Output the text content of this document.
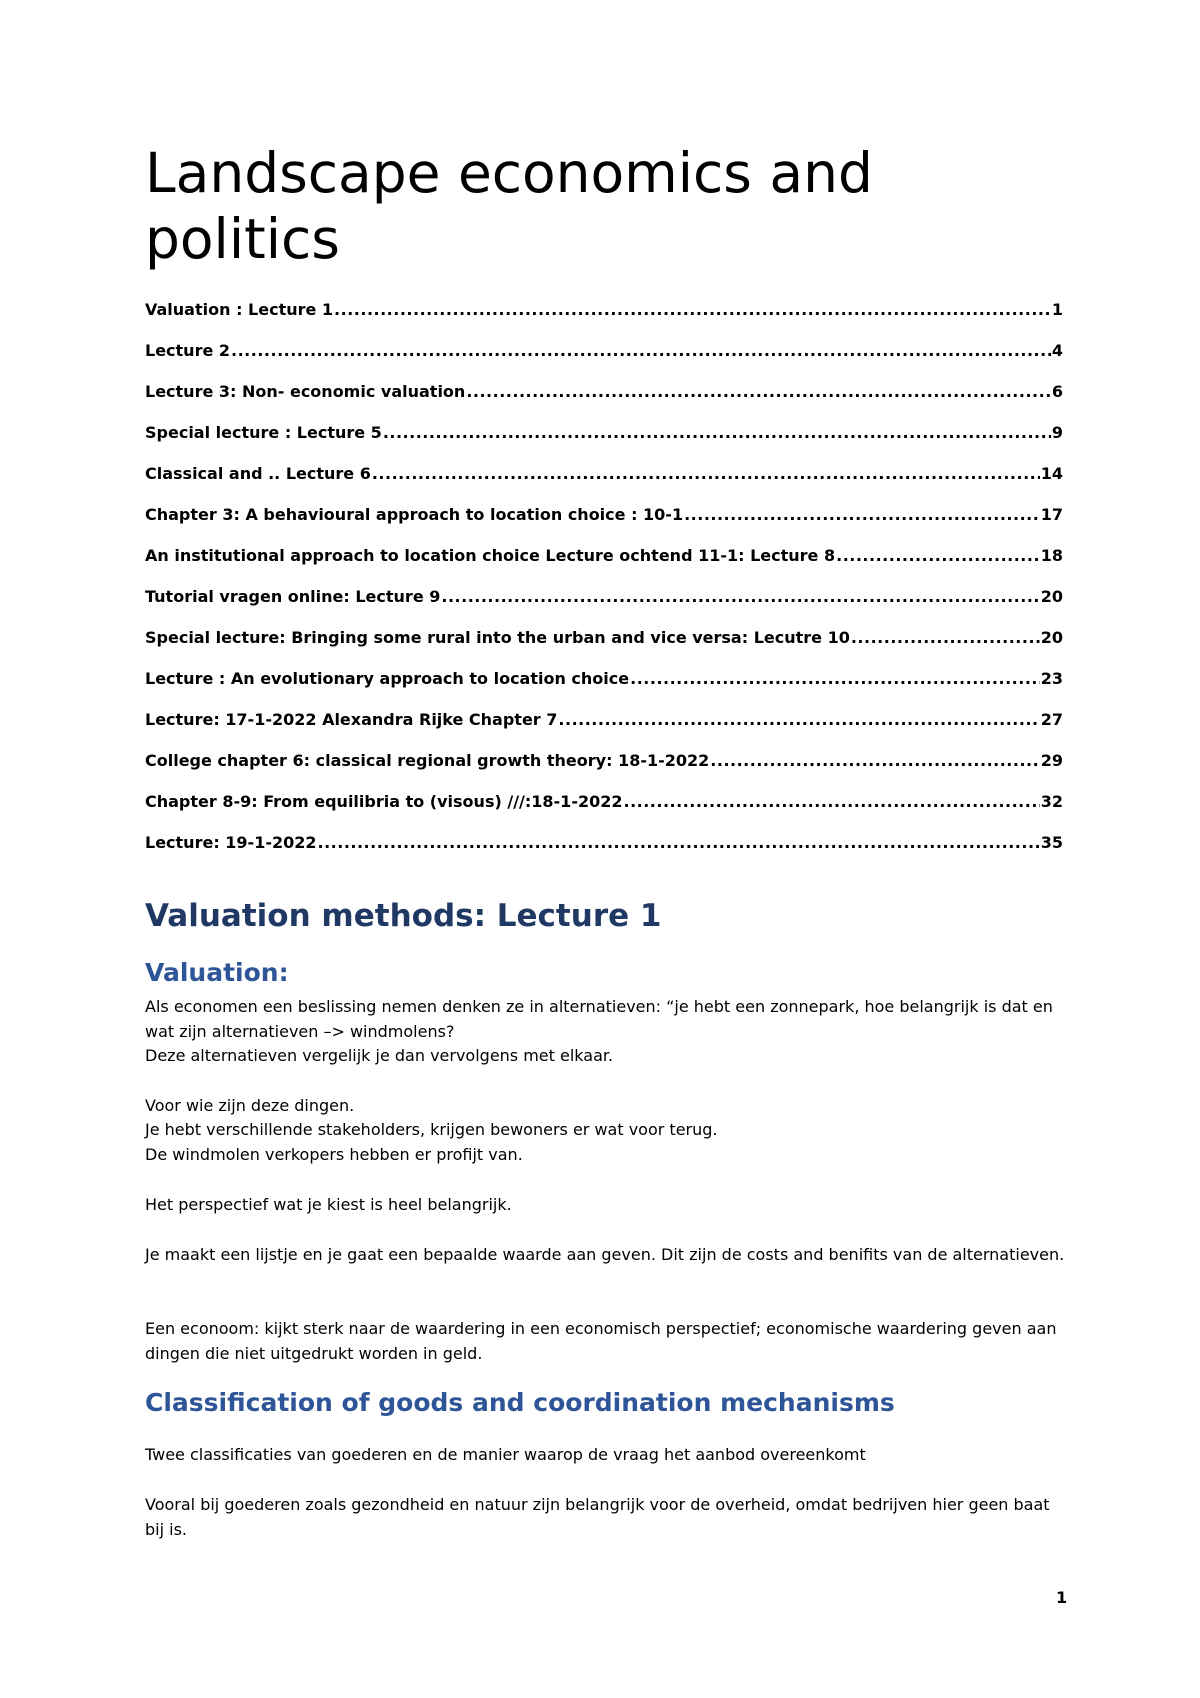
Landscape economics and politics
Valuation : Lecture 1 .....	1
Lecture 2 .....	4
Lecture 3: Non- economic valuation .....	6
Special lecture : Lecture 5 .....	9
Classical and .. Lecture 6 .....	14
Chapter 3: A behavioural approach to location choice : 10-1 .....	17
An institutional approach to location choice Lecture ochtend 11-1: Lecture 8 .....	18
Tutorial vragen online: Lecture 9 .....	20
Special lecture: Bringing some rural into the urban and vice versa: Lecutre 10 .....	20
Lecture : An evolutionary approach to location choice .....	23
Lecture: 17-1-2022 Alexandra Rijke Chapter 7 .....	27
College chapter 6: classical regional growth theory: 18-1-2022 .....	29
Chapter 8-9: From equilibria to (visous) ///:18-1-2022 .....	32
Lecture: 19-1-2022 .....	35
Valuation methods: Lecture 1
Valuation:

Als economen een beslissing nemen denken ze in alternatieven: “je hebt een zonnepark, hoe belangrijk is dat en wat zijn alternatieven –> windmolens?

Deze alternatieven vergelijk je dan vervolgens met elkaar.

Voor wie zijn deze dingen.

Je hebt verschillende stakeholders, krijgen bewoners er wat voor terug.

De windmolen verkopers hebben er profijt van.

Het perspectief wat je kiest is heel belangrijk.

Je maakt een lijstje en je gaat een bepaalde waarde aan geven. Dit zijn de costs and benifits van de alternatieven.

Een econoom: kijkt sterk naar de waardering in een economisch perspectief; economische waardering geven aan dingen die niet uitgedrukt worden in geld.

Classification of goods and coordination mechanisms

Twee classificaties van goederen en de manier waarop de vraag het aanbod overeenkomt

Vooral bij goederen zoals gezondheid en natuur zijn belangrijk voor de overheid, omdat bedrijven hier geen baat bij is.

1
